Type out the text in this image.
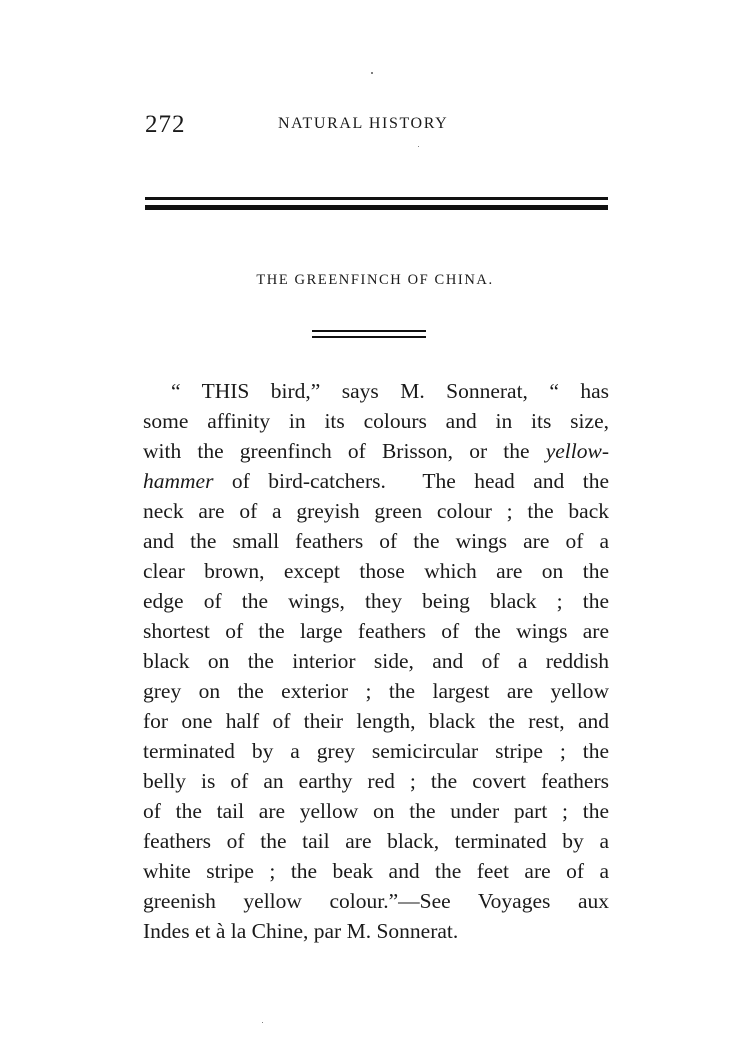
272	NATURAL HISTORY
THE GREENFINCH OF CHINA.
“ THIS bird,” says M. Sonnerat, “ has
some affinity in its colours and in its size,
with the greenfinch of Brisson, or the yellow-
hammer of bird-catchers.  The head and the
neck are of a greyish green colour ; the back
and the small feathers of the wings are of a
clear brown, except those which are on the
edge of the wings, they being black ; the
shortest of the large feathers of the wings are
black on the interior side, and of a reddish
grey on the exterior ; the largest are yellow
for one half of their length, black the rest, and
terminated by a grey semicircular stripe ; the
belly is of an earthy red ; the covert feathers
of the tail are yellow on the under part ; the
feathers of the tail are black, terminated by a
white stripe ; the beak and the feet are of a
greenish yellow colour.”—See Voyages aux
Indes et à la Chine, par M. Sonnerat.
